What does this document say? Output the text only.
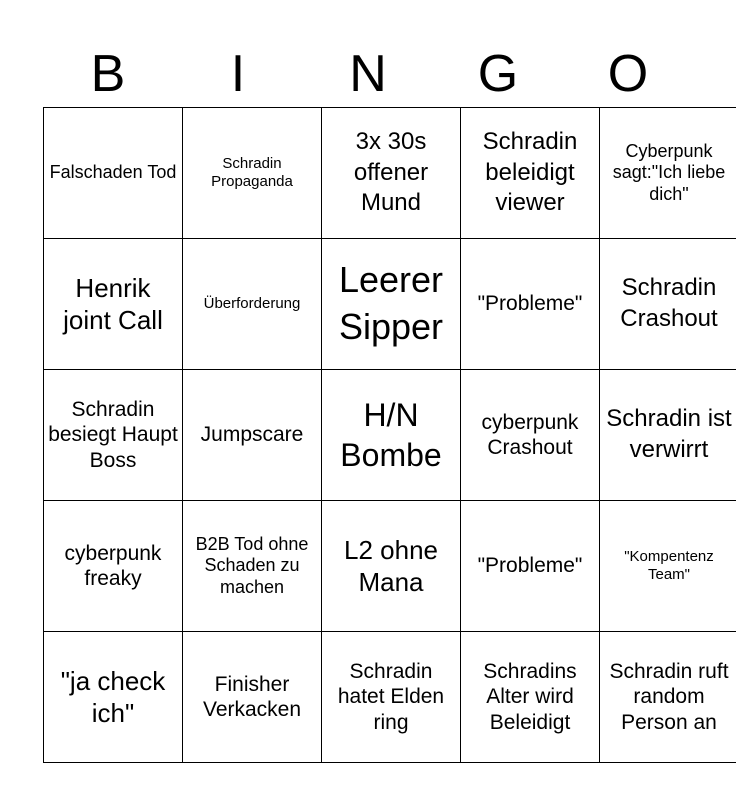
B	I	N	G	O
Falschaden Tod	Schradin Propaganda	3x 30s offener Mund	Schradin beleidigt viewer	Cyberpunk sagt:"Ich liebe dich"
Henrik joint Call	Überforderung	Leerer Sipper	"Probleme"	Schradin Crashout
Schradin besiegt Haupt Boss	Jumpscare	H/N Bombe	cyberpunk Crashout	Schradin ist verwirrt
cyberpunk freaky	B2B Tod ohne Schaden zu machen	L2 ohne Mana	"Probleme"	"Kompentenz Team"
"ja check ich"	Finisher Verkacken	Schradin hatet Elden ring	Schradins Alter wird Beleidigt	Schradin ruft random Person an
